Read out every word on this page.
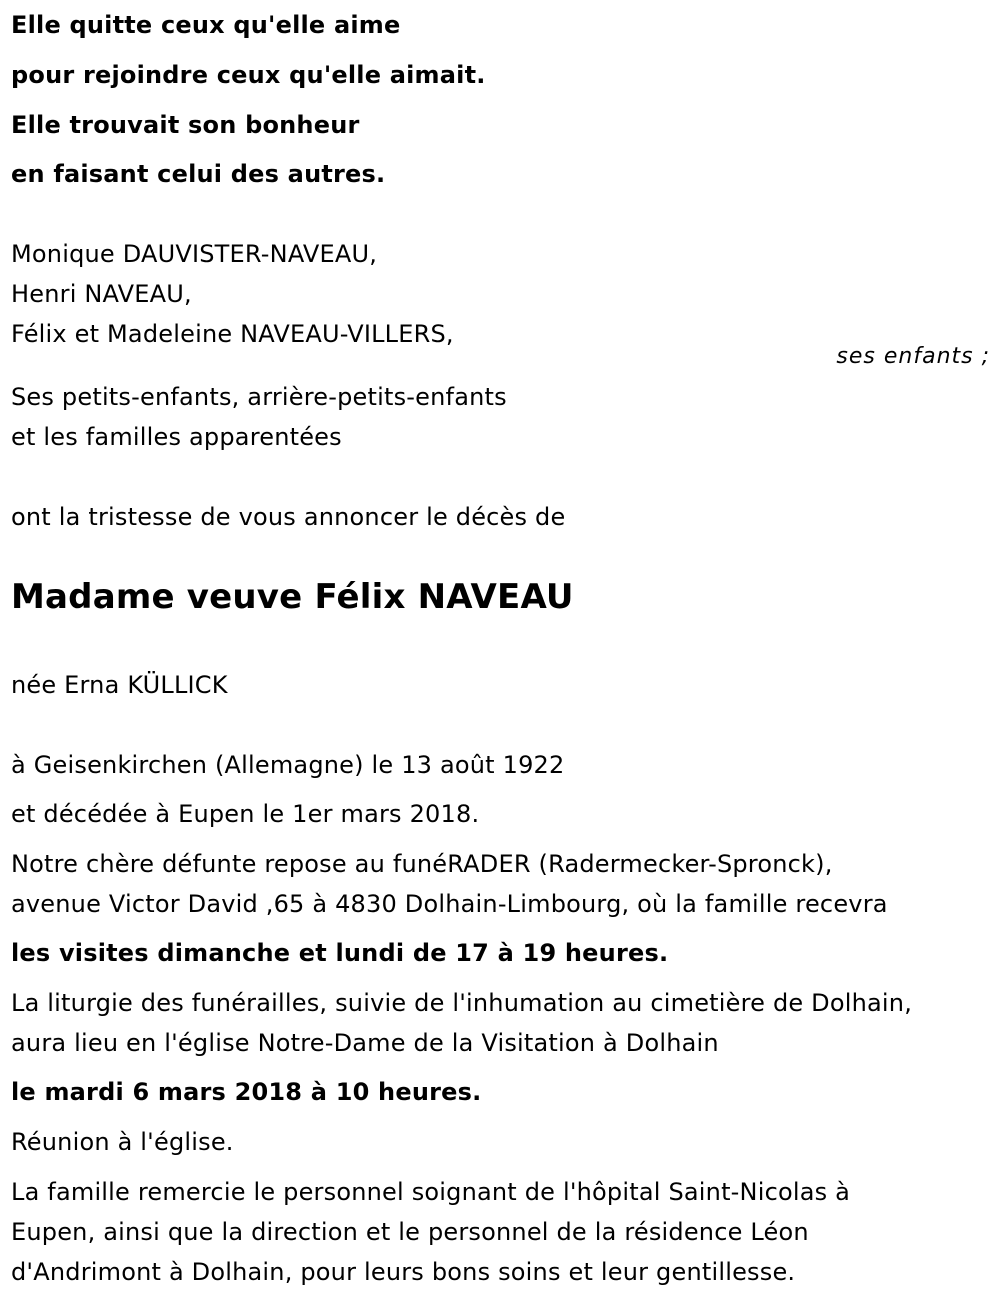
Elle quitte ceux qu'elle aime
pour rejoindre ceux qu'elle aimait.
Elle trouvait son bonheur
en faisant celui des autres.
Monique DAUVISTER-NAVEAU,
Henri NAVEAU,
Félix et Madeleine NAVEAU-VILLERS,
ses enfants ;
Ses petits-enfants, arrière-petits-enfants
et les familles apparentées
ont la tristesse de vous annoncer le décès de
Madame veuve Félix NAVEAU
née Erna KÜLLICK
à Geisenkirchen (Allemagne) le 13 août 1922
et décédée à Eupen le 1er mars 2018.
Notre chère défunte repose au funéRADER (Radermecker-Spronck),
avenue Victor David ,65 à 4830 Dolhain-Limbourg, où la famille recevra
les visites dimanche et lundi de 17 à 19 heures.
La liturgie des funérailles, suivie de l'inhumation au cimetière de Dolhain,
aura lieu en l'église Notre-Dame de la Visitation à Dolhain
le mardi 6 mars 2018 à 10 heures.
Réunion à l'église.
La famille remercie le personnel soignant de l'hôpital Saint-Nicolas à
Eupen, ainsi que la direction et le personnel de la résidence Léon
d'Andrimont à Dolhain, pour leurs bons soins et leur gentillesse.
